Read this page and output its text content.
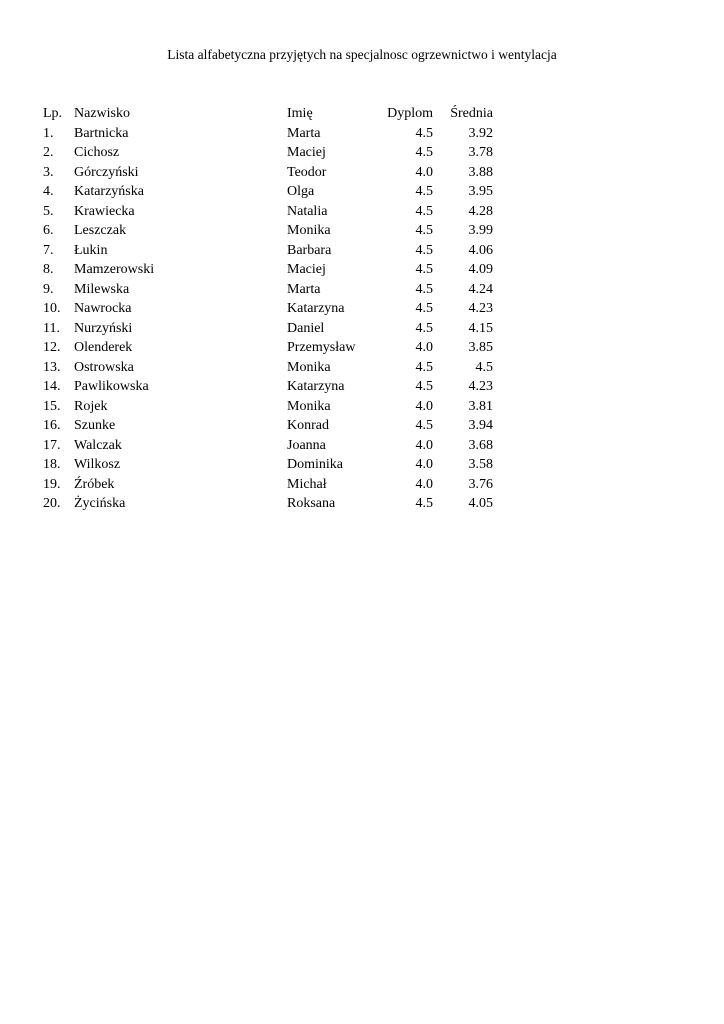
Lista alfabetyczna przyjętych na specjalnosc ogrzewnictwo i wentylacja
Lp. Nazwisko	Imię	Dyplom	Średnia
1. Bartnicka	Marta	4.5	3.92
2. Cichosz	Maciej	4.5	3.78
3. Górczyński	Teodor	4.0	3.88
4. Katarzyńska	Olga	4.5	3.95
5. Krawiecka	Natalia	4.5	4.28
6. Leszczak	Monika	4.5	3.99
7. Łukin	Barbara	4.5	4.06
8. Mamzerowski	Maciej	4.5	4.09
9. Milewska	Marta	4.5	4.24
10. Nawrocka	Katarzyna	4.5	4.23
11. Nurzyński	Daniel	4.5	4.15
12. Olenderek	Przemysław	4.0	3.85
13. Ostrowska	Monika	4.5	4.5
14. Pawlikowska	Katarzyna	4.5	4.23
15. Rojek	Monika	4.0	3.81
16. Szunke	Konrad	4.5	3.94
17. Walczak	Joanna	4.0	3.68
18. Wilkosz	Dominika	4.0	3.58
19. Źróbek	Michał	4.0	3.76
20. Życińska	Roksana	4.5	4.05
